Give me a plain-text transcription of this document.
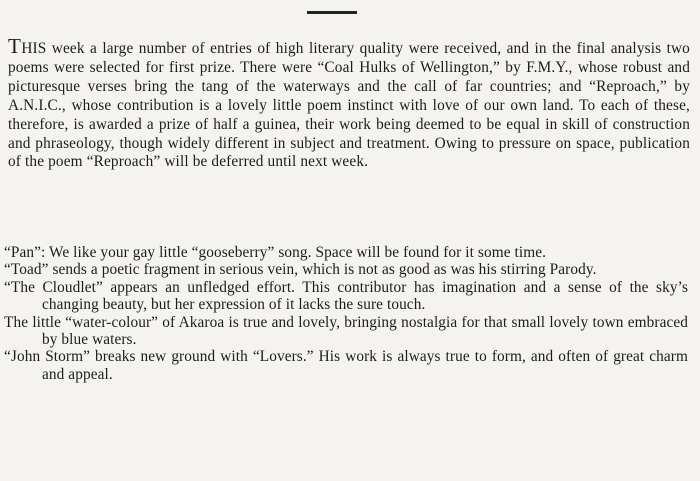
THIS week a large number of entries of high literary quality were received, and in the final analysis two poems were selected for first prize. There were “Coal Hulks of Wellington,” by F.M.Y., whose robust and picturesque verses bring the tang of the waterways and the call of far countries; and “Reproach,” by A.N.I.C., whose contribution is a lovely little poem instinct with love of our own land. To each of these, therefore, is awarded a prize of half a guinea, their work being deemed to be equal in skill of construction and phraseology, though widely different in subject and treatment. Owing to pressure on space, publication of the poem “Reproach” will be deferred until next week.

“Pan”: We like your gay little “gooseberry” song. Space will be found for it some time.

“Toad” sends a poetic fragment in serious vein, which is not as good as was his stirring Parody.

“The Cloudlet” appears an unfledged effort. This contributor has imagination and a sense of the sky’s changing beauty, but her expression of it lacks the sure touch.

The little “water-colour” of Akaroa is true and lovely, bringing nostalgia for that small lovely town embraced by blue waters.

“John Storm” breaks new ground with “Lovers.” His work is always true to form, and often of great charm and appeal.
